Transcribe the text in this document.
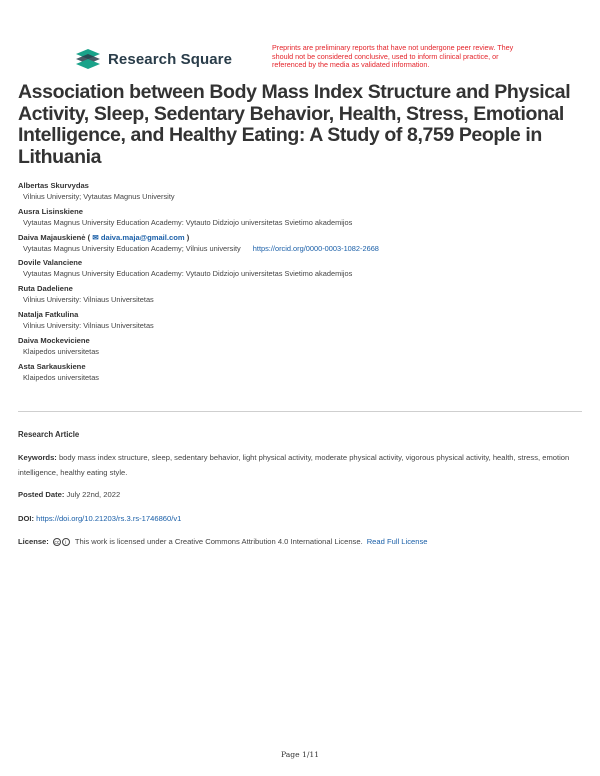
Research Square
Preprints are preliminary reports that have not undergone peer review. They should not be considered conclusive, used to inform clinical practice, or referenced by the media as validated information.
Association between Body Mass Index Structure and Physical Activity, Sleep, Sedentary Behavior, Health, Stress, Emotional Intelligence, and Healthy Eating: A Study of 8,759 People in Lithuania
Albertas Skurvydas
Vilnius University; Vytautas Magnus University
Ausra Lisinskiene
Vytautas Magnus University Education Academy: Vytauto Didziojo universitetas Svietimo akademijos
Daiva Majauskienė ( ✉ daiva.maja@gmail.com )
Vytautas Magnus University Education Academy; Vilnius university https://orcid.org/0000-0003-1082-2668
Dovile Valanciene
Vytautas Magnus University Education Academy: Vytauto Didziojo universitetas Svietimo akademijos
Ruta Dadeliene
Vilnius University: Vilniaus Universitetas
Natalja Fatkulina
Vilnius University: Vilniaus Universitetas
Daiva Mockeviciene
Klaipedos universitetas
Asta Sarkauskiene
Klaipedos universitetas
Research Article
Keywords: body mass index structure, sleep, sedentary behavior, light physical activity, moderate physical activity, vigorous physical activity, health, stress, emotion intelligence, healthy eating style.
Posted Date: July 22nd, 2022
DOI: https://doi.org/10.21203/rs.3.rs-1746860/v1
License:	cc	i	This work is licensed under a Creative Commons Attribution 4.0 International License. Read Full License
Page 1/11
